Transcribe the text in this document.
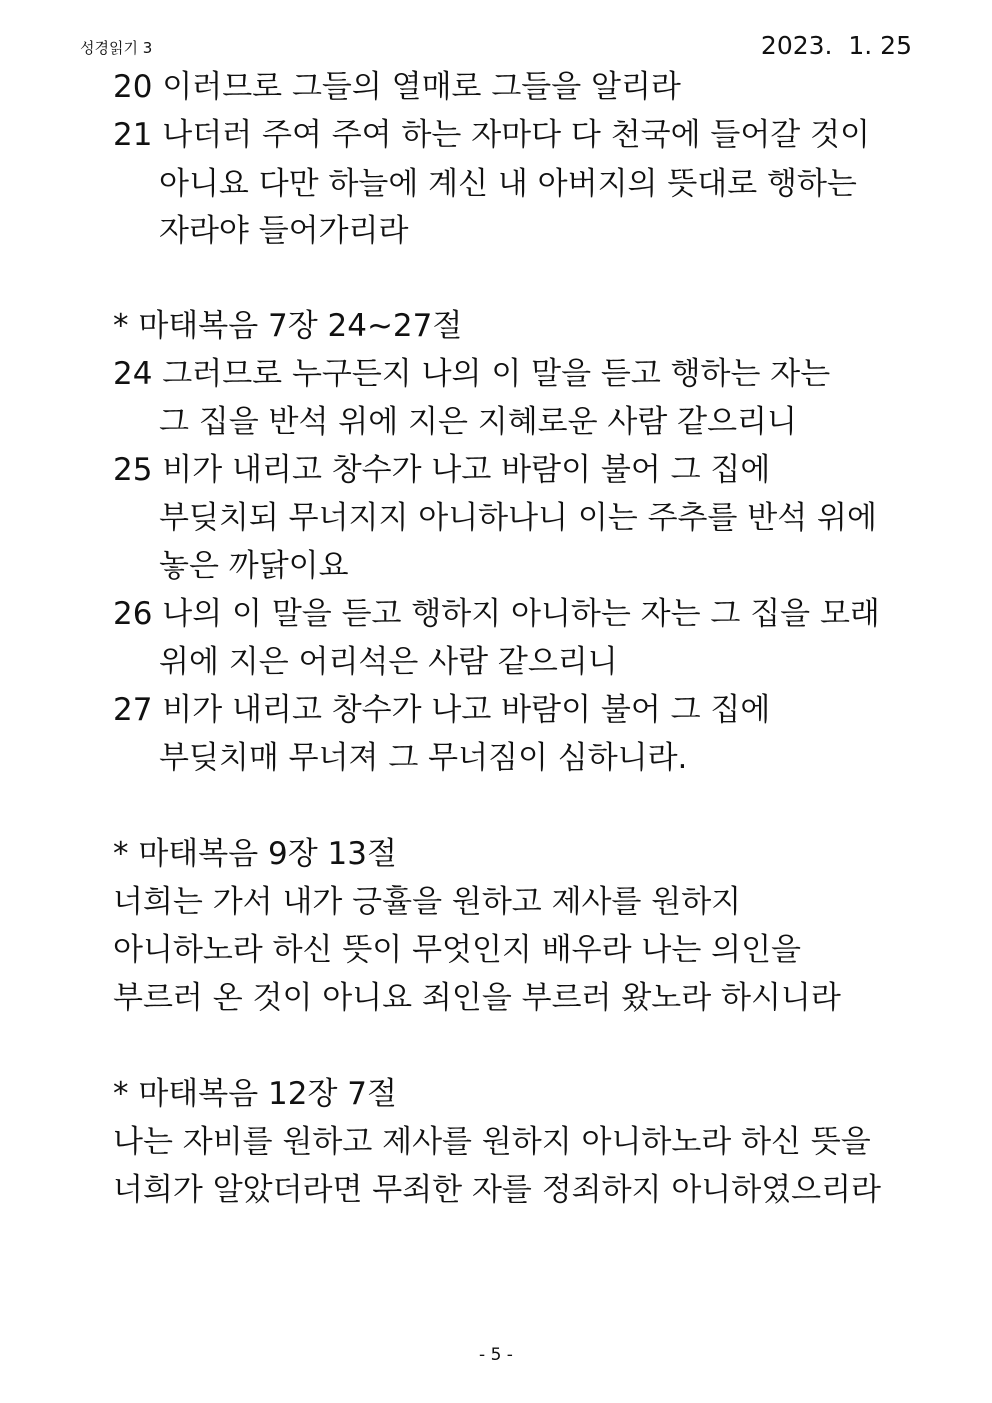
성경읽기 3	2023.  1. 25
20 이러므로 그들의 열매로 그들을 알리라
21 나더러 주여 주여 하는 자마다 다 천국에 들어갈 것이
아니요 다만 하늘에 계신 내 아버지의 뜻대로 행하는
자라야 들어가리라
* 마태복음 7장 24~27절
24 그러므로 누구든지 나의 이 말을 듣고 행하는 자는
그 집을 반석 위에 지은 지혜로운 사람 같으리니
25 비가 내리고 창수가 나고 바람이 불어 그 집에
부딪치되 무너지지 아니하나니 이는 주추를 반석 위에
놓은 까닭이요
26 나의 이 말을 듣고 행하지 아니하는 자는 그 집을 모래
위에 지은 어리석은 사람 같으리니
27 비가 내리고 창수가 나고 바람이 불어 그 집에
부딪치매 무너져 그 무너짐이 심하니라.
* 마태복음 9장 13절
너희는 가서 내가 긍휼을 원하고 제사를 원하지
아니하노라 하신 뜻이 무엇인지 배우라 나는 의인을
부르러 온 것이 아니요 죄인을 부르러 왔노라 하시니라
* 마태복음 12장 7절
나는 자비를 원하고 제사를 원하지 아니하노라 하신 뜻을
너희가 알았더라면 무죄한 자를 정죄하지 아니하였으리라
- 5 -
